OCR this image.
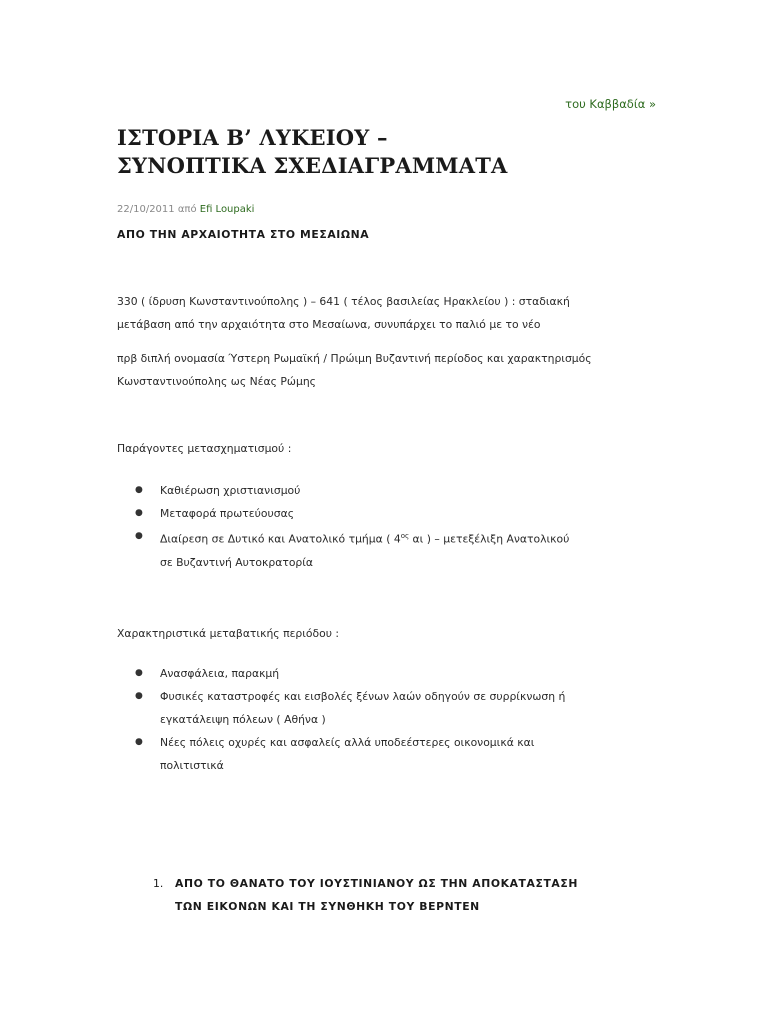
του Καββαδία »
ΙΣΤΟΡΙΑ Β’ ΛΥΚΕΙΟΥ –
ΣΥΝΟΠΤΙΚΑ ΣΧΕΔΙΑΓΡΑΜΜΑΤΑ
22/10/2011 από Efi Loupaki
ΑΠΟ ΤΗΝ ΑΡΧΑΙΟΤΗΤΑ ΣΤΟ ΜΕΣΑΙΩΝΑ
330 ( ίδρυση Κωνσταντινούπολης ) – 641 ( τέλος βασιλείας Ηρακλείου ) : σταδιακή
μετάβαση από την αρχαιότητα στο Μεσαίωνα, συνυπάρχει το παλιό με το νέο
πρβ διπλή ονομασία Ύστερη Ρωμαϊκή / Πρώιμη Βυζαντινή περίοδος και χαρακτηρισμός
Κωνσταντινούπολης ως Νέας Ρώμης
Παράγοντες μετασχηματισμού :
● Καθιέρωση χριστιανισμού
● Μεταφορά πρωτεύουσας
● Διαίρεση σε Δυτικό και Ανατολικό τμήμα ( $4^{o\varsigma}$ αι ) – μετεξέλιξη Ανατολικού
σε Βυζαντινή Αυτοκρατορία
Χαρακτηριστικά μεταβατικής περιόδου :
● Ανασφάλεια, παρακμή
● Φυσικές καταστροφές και εισβολές ξένων λαών οδηγούν σε συρρίκνωση ή
εγκατάλειψη πόλεων ( Αθήνα )
● Νέες πόλεις οχυρές και ασφαλείς αλλά υποδεέστερες οικονομικά και
πολιτιστικά
1. ΑΠΟ ΤΟ ΘΑΝΑΤΟ ΤΟΥ ΙΟΥΣΤΙΝΙΑΝΟΥ ΩΣ ΤΗΝ ΑΠΟΚΑΤΑΣΤΑΣΗ
ΤΩΝ ΕΙΚΟΝΩΝ ΚΑΙ ΤΗ ΣΥΝΘΗΚΗ ΤΟΥ ΒΕΡΝΤΕΝ
